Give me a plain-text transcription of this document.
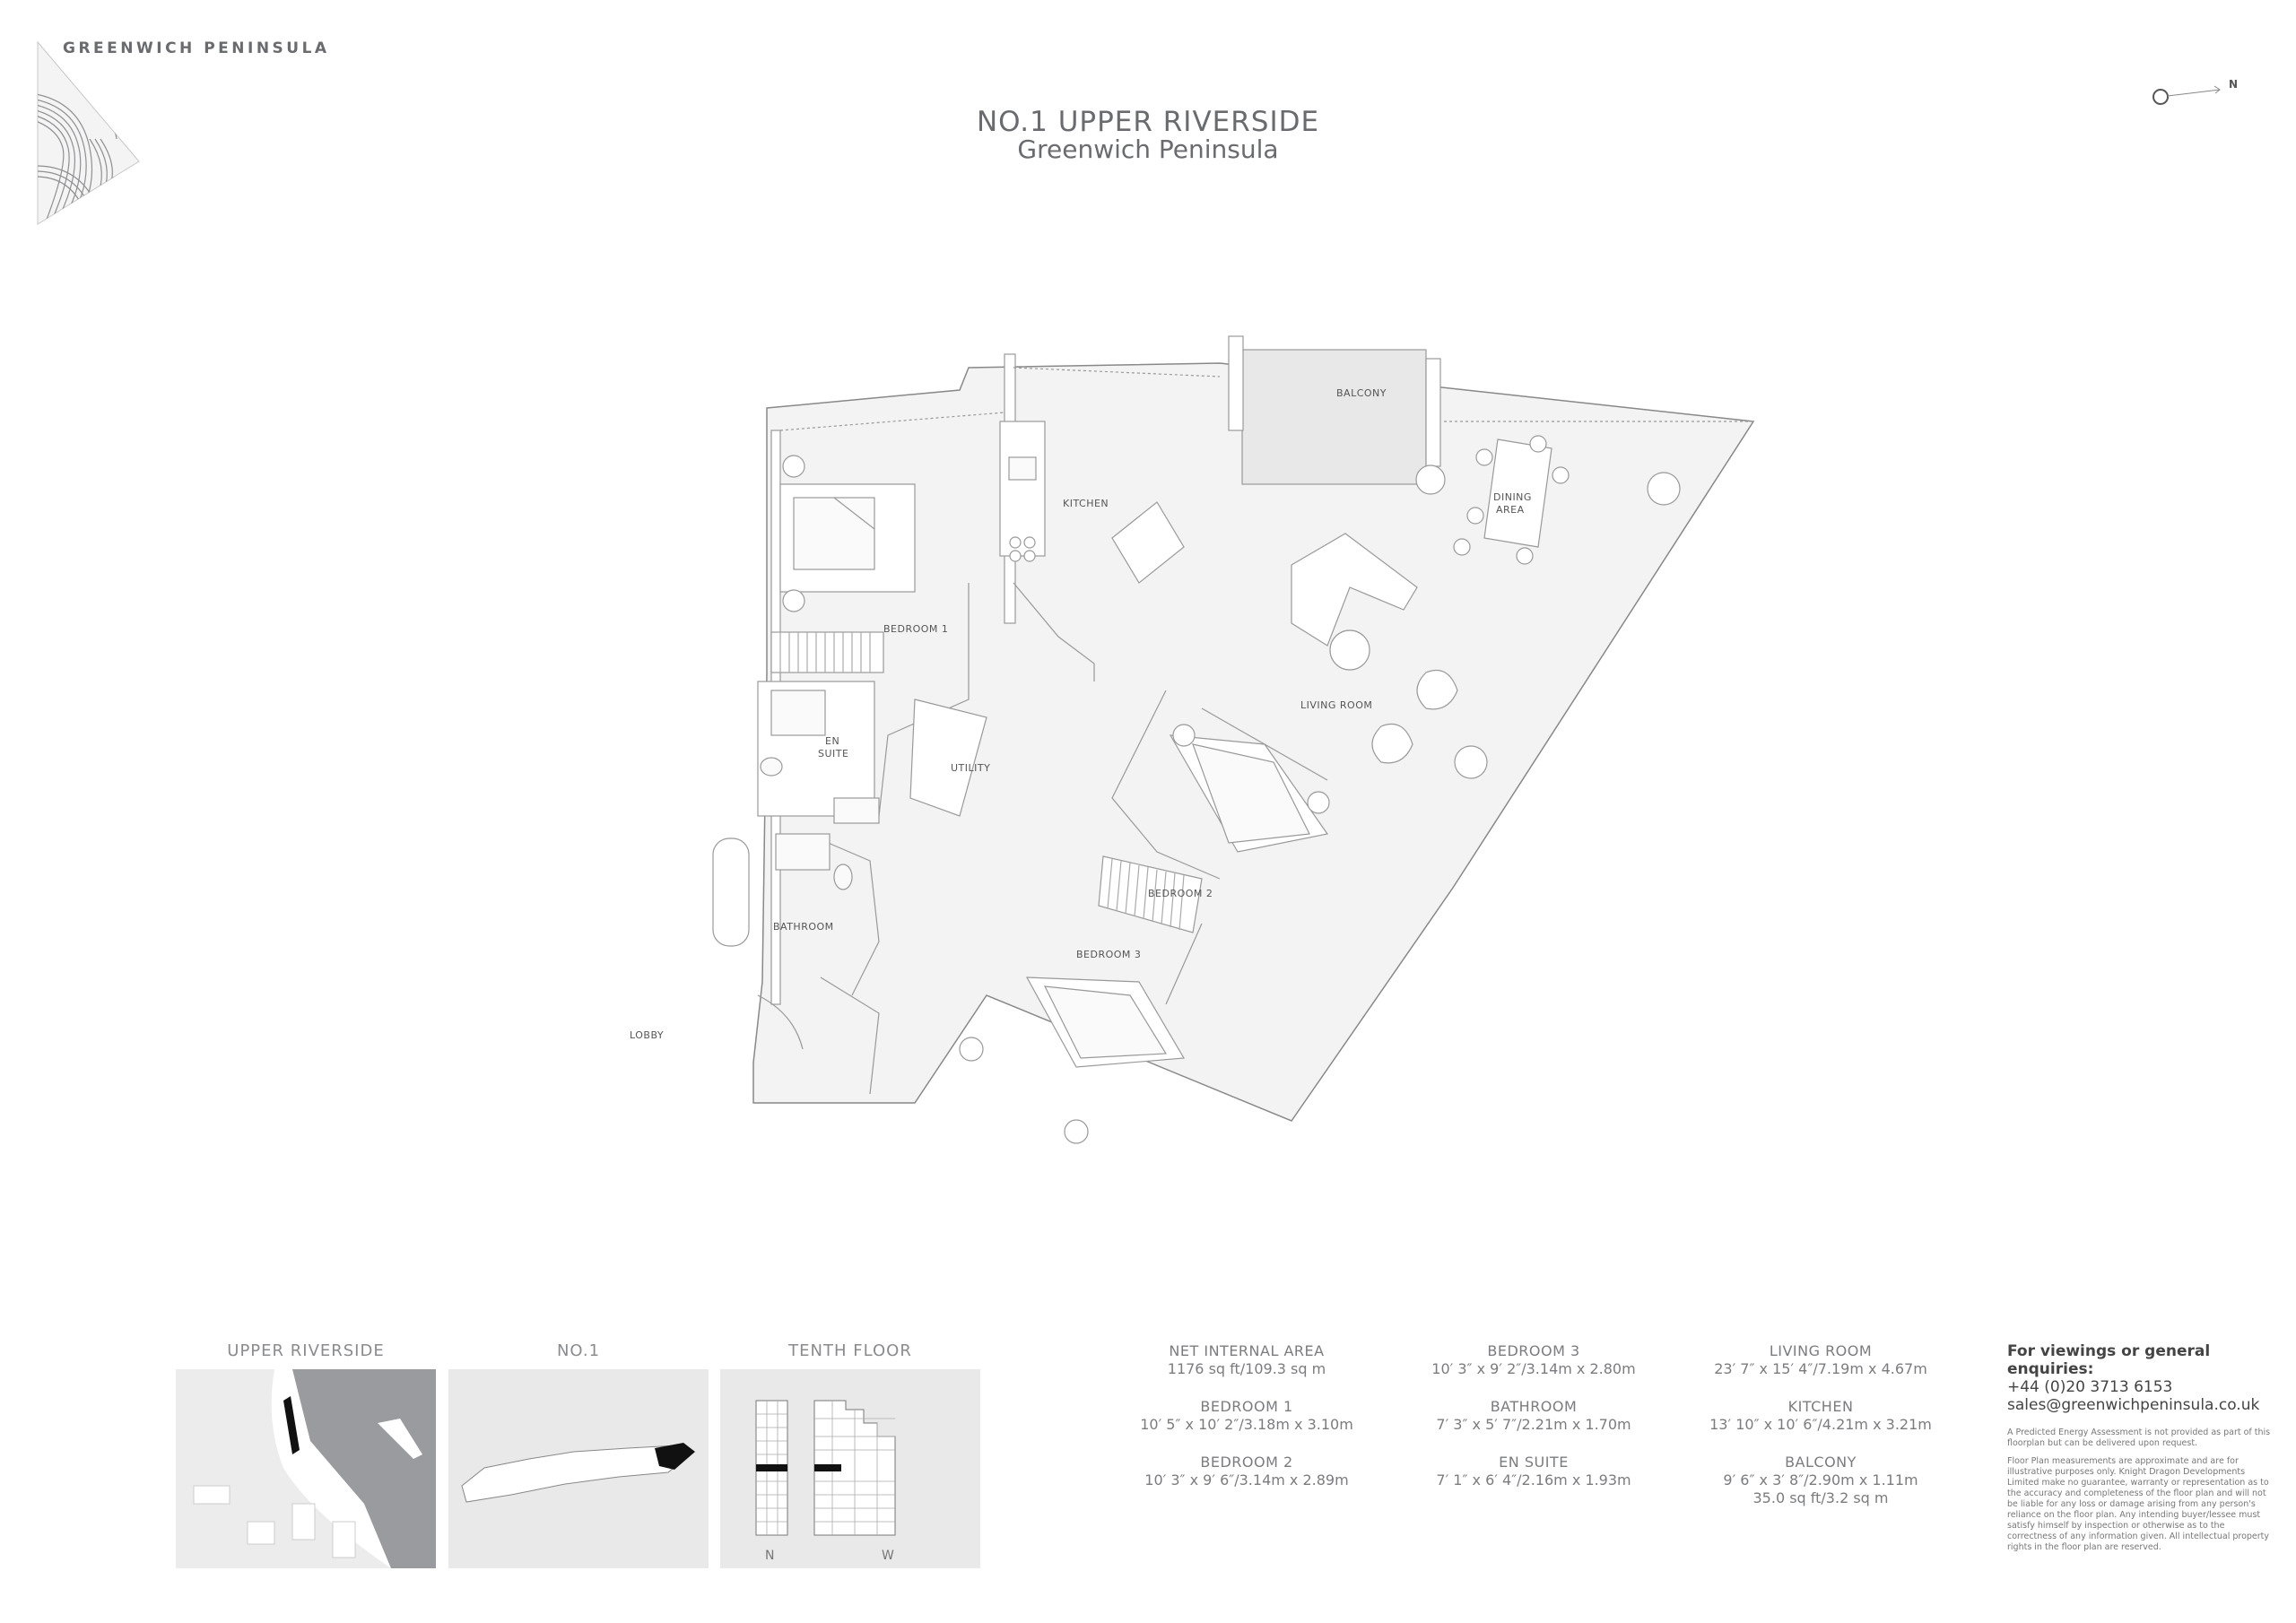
GREENWICH PENINSULA
NO.1 UPPER RIVERSIDE
Greenwich Peninsula
N
BALCONY
KITCHEN
DINING
AREA
LIVING ROOM
BEDROOM 1
EN
SUITE
UTILITY
BEDROOM 2
BATHROOM
BEDROOM 3
LOBBY
UPPER RIVERSIDE	NO.1	TENTH FLOOR
N	W
NET INTERNAL AREA
1176 sq ft/109.3 sq m
BEDROOM 1
10′ 5″ x 10′ 2″/3.18m x 3.10m
BEDROOM 2
10′ 3″ x 9′ 6″/3.14m x 2.89m
BEDROOM 3
10′ 3″ x 9′ 2″/3.14m x 2.80m
BATHROOM
7′ 3″ x 5′ 7″/2.21m x 1.70m
EN SUITE
7′ 1″ x 6′ 4″/2.16m x 1.93m
LIVING ROOM
23′ 7″ x 15′ 4″/7.19m x 4.67m
KITCHEN
13′ 10″ x 10′ 6″/4.21m x 3.21m
BALCONY
9′ 6″ x 3′ 8″/2.90m x 1.11m
35.0 sq ft/3.2 sq m
For viewings or general enquiries:
+44 (0)20 3713 6153
sales@greenwichpeninsula.co.uk

A Predicted Energy Assessment is not provided as part of this floorplan but can be delivered upon request.

Floor Plan measurements are approximate and are for illustrative purposes only. Knight Dragon Developments Limited make no guarantee, warranty or representation as to the accuracy and completeness of the floor plan and will not be liable for any loss or damage arising from any person's reliance on the floor plan. Any intending buyer/lessee must satisfy himself by inspection or otherwise as to the correctness of any information given. All intellectual property rights in the floor plan are reserved.
